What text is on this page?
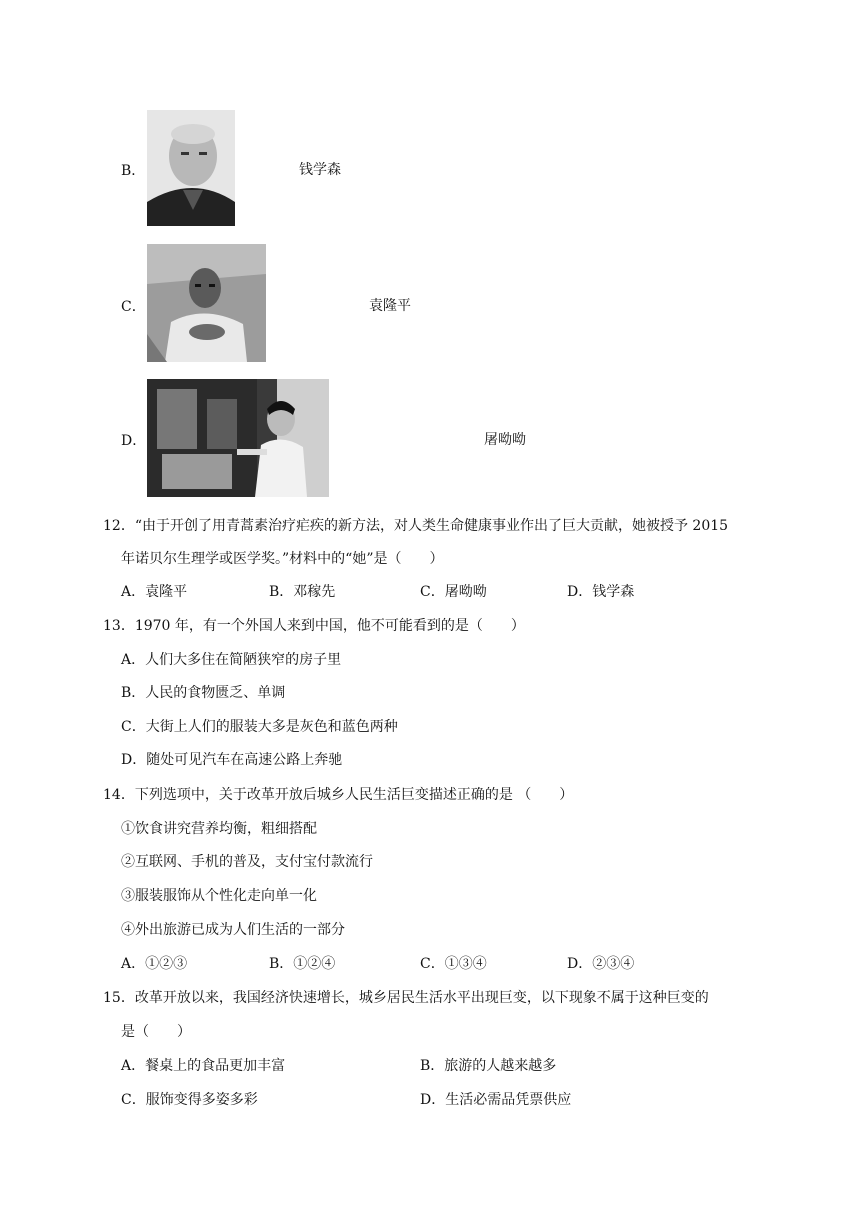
B．	钱学森
C．	袁隆平
D．	屠呦呦
12．“由于开创了用青蒿素治疗疟疾的新方法，对人类生命健康事业作出了巨大贡献，她被授予 2015
年诺贝尔生理学或医学奖。”材料中的“她”是（　　）
A．袁隆平	B．邓稼先	C．屠呦呦	D．钱学森
13．1970 年，有一个外国人来到中国，他不可能看到的是（　　）
A．人们大多住在简陋狭窄的房子里
B．人民的食物匮乏、单调
C．大街上人们的服装大多是灰色和蓝色两种
D．随处可见汽车在高速公路上奔驰
14．下列选项中，关于改革开放后城乡人民生活巨变描述正确的是 （　　）
①饮食讲究营养均衡，粗细搭配
②互联网、手机的普及，支付宝付款流行
③服装服饰从个性化走向单一化
④外出旅游已成为人们生活的一部分
A．①②③	B．①②④	C．①③④	D．②③④
15．改革开放以来，我国经济快速增长，城乡居民生活水平出现巨变，以下现象不属于这种巨变的
是（　　）
A．餐桌上的食品更加丰富	B．旅游的人越来越多
C．服饰变得多姿多彩	D．生活必需品凭票供应
